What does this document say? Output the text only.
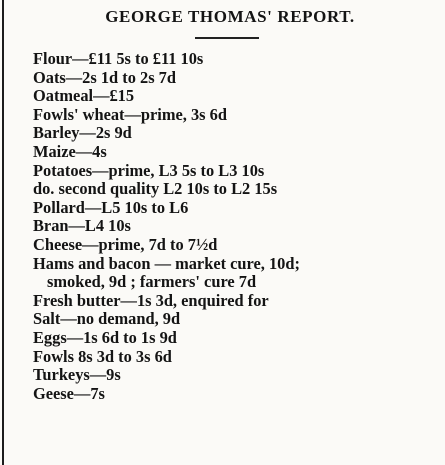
GEORGE THOMAS' REPORT.
Flour—£11 5s to £11 10s
Oats—2s 1d to 2s 7d
Oatmeal—£15
Fowls' wheat—prime, 3s 6d
Barley—2s 9d
Maize—4s
Potatoes—prime, L3 5s to L3 10s
do. second quality L2 10s to L2 15s
Pollard—L5 10s to L6
Bran—L4 10s
Cheese—prime, 7d to 7½d
Hams and bacon — market cure, 10d;
smoked, 9d ; farmers' cure 7d
Fresh butter—1s 3d, enquired for
Salt—no demand, 9d
Eggs—1s 6d to 1s 9d
Fowls 8s 3d to 3s 6d
Turkeys—9s
Geese—7s
